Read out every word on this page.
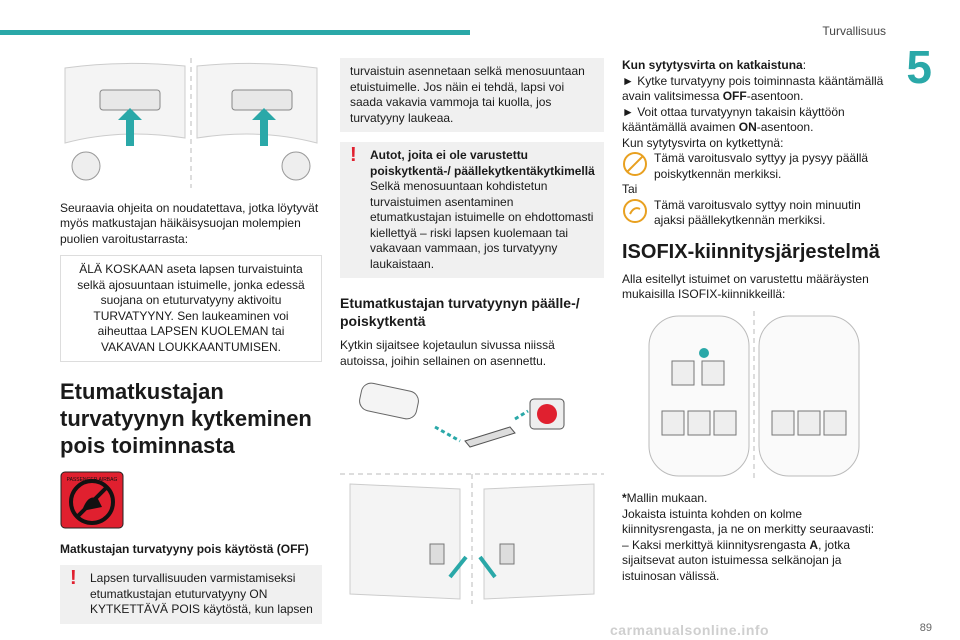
Turvallisuus
5

Seuraavia ohjeita on noudatettava, jotka löytyvät myös matkustajan häikäisysuojan molempien puolien varoitustarrasta:

ÄLÄ KOSKAAN aseta lapsen turvaistuinta selkä ajosuuntaan istuimelle, jonka edessä suojana on etuturvatyyny aktivoitu TURVATYYNY. Sen laukeaminen voi aiheuttaa LAPSEN KUOLEMAN tai VAKAVAN LOUKKAANTUMISEN.
Etumatkustajan turvatyynyn kytkeminen pois toiminnasta
PASSENGER AIRBAG

Matkustajan turvatyyny pois käytöstä (OFF)

! Lapsen turvallisuuden varmistamiseksi etumatkustajan etuturvatyyny ON KYTKETTÄVÄ POIS käytöstä, kun lapsen
turvaistuin asennetaan selkä menosuuntaan etuistuimelle. Jos näin ei tehdä, lapsi voi saada vakavia vammoja tai kuolla, jos turvatyyny laukeaa.
! Autot, joita ei ole varustettu poiskytkentä-/ päällekytkentäkytkimellä

Selkä menosuuntaan kohdistetun turvaistuimen asentaminen etumatkustajan istuimelle on ehdottomasti kiellettyä – riski lapsen kuolemaan tai vakavaan vammaan, jos turvatyyny laukaistaan.

Etumatkustajan turvatyynyn päälle-/ poiskytkentä

Kytkin sijaitsee kojetaulun sivussa niissä autoissa, joihin sellainen on asennettu.

Kun sytytysvirta on katkaistuna:

► Kytke turvatyyny pois toiminnasta kääntämällä avain valitsimessa OFF-asentoon.

► Voit ottaa turvatyynyn takaisin käyttöön kääntämällä avaimen ON-asentoon.

Kun sytytysvirta on kytkettynä:

Tämä varoitusvalo syttyy ja pysyy päällä poiskytkennän merkiksi.

Tai

Tämä varoitusvalo syttyy noin minuutin ajaksi päällekytkennän merkiksi.
ISOFIX-kiinnitysjärjestelmä

Alla esitellyt istuimet on varustettu määräysten mukaisilla ISOFIX-kiinnikkeillä:

*Mallin mukaan.

Jokaista istuinta kohden on kolme kiinnitysrengasta, ja ne on merkitty seuraavasti:

– Kaksi merkittyä kiinnitysrengasta A, jotka sijaitsevat auton istuimessa selkänojan ja istuinosan välissä.

carmanualsonline.info	89
